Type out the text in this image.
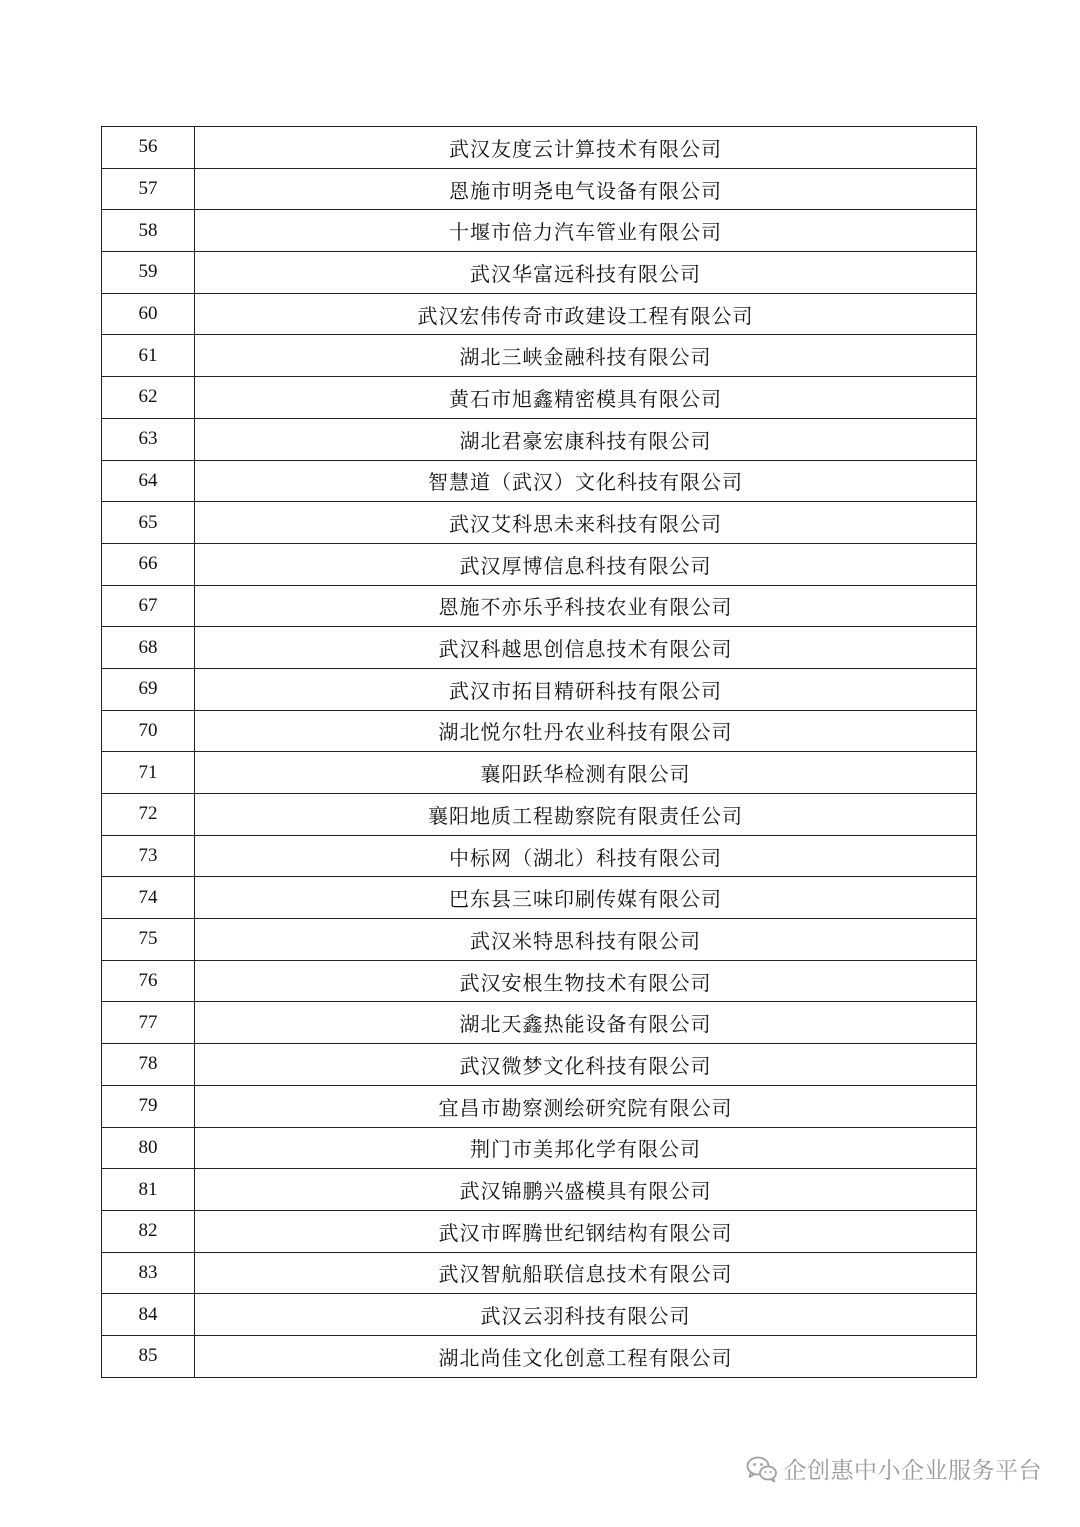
56	武汉友度云计算技术有限公司
57	恩施市明尧电气设备有限公司
58	十堰市倍力汽车管业有限公司
59	武汉华富远科技有限公司
60	武汉宏伟传奇市政建设工程有限公司
61	湖北三峡金融科技有限公司
62	黄石市旭鑫精密模具有限公司
63	湖北君豪宏康科技有限公司
64	智慧道（武汉）文化科技有限公司
65	武汉艾科思未来科技有限公司
66	武汉厚博信息科技有限公司
67	恩施不亦乐乎科技农业有限公司
68	武汉科越思创信息技术有限公司
69	武汉市拓目精研科技有限公司
70	湖北悦尔牡丹农业科技有限公司
71	襄阳跃华检测有限公司
72	襄阳地质工程勘察院有限责任公司
73	中标网（湖北）科技有限公司
74	巴东县三味印刷传媒有限公司
75	武汉米特思科技有限公司
76	武汉安根生物技术有限公司
77	湖北天鑫热能设备有限公司
78	武汉微梦文化科技有限公司
79	宜昌市勘察测绘研究院有限公司
80	荆门市美邦化学有限公司
81	武汉锦鹏兴盛模具有限公司
82	武汉市晖腾世纪钢结构有限公司
83	武汉智航船联信息技术有限公司
84	武汉云羽科技有限公司
85	湖北尚佳文化创意工程有限公司
企创惠中小企业服务平台
